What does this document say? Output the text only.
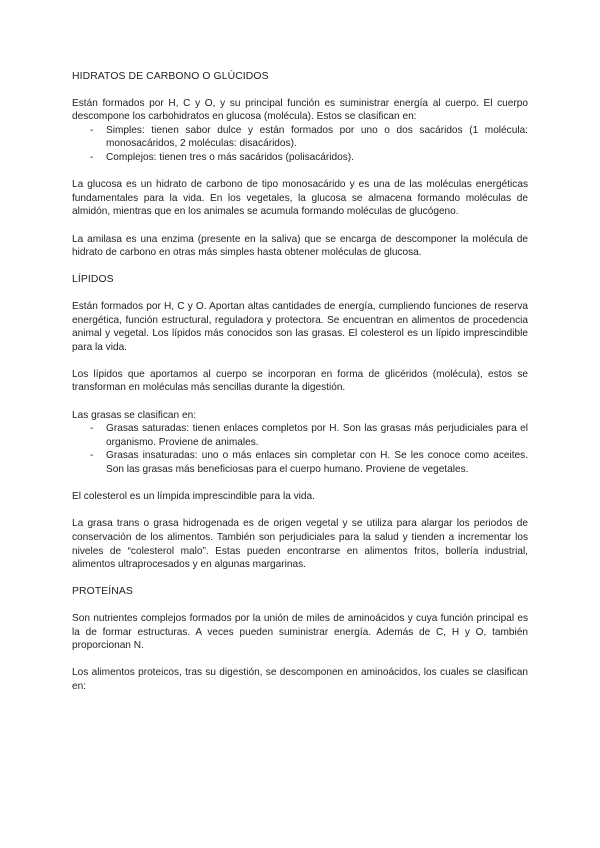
HIDRATOS DE CARBONO O GLÚCIDOS

Están formados por H, C y O, y su principal función es suministrar energía al cuerpo. El cuerpo descompone los carbohidratos en glucosa (molécula). Estos se clasifican en:

- Simples: tienen sabor dulce y están formados por uno o dos sacáridos (1 molécula: monosacáridos, 2 moléculas: disacáridos).
- Complejos: tienen tres o más sacáridos (polisacáridos).

La glucosa es un hidrato de carbono de tipo monosacárido y es una de las moléculas energéticas fundamentales para la vida. En los vegetales, la glucosa se almacena formando moléculas de almidón, mientras que en los animales se acumula formando moléculas de glucógeno.

La amilasa es una enzima (presente en la saliva) que se encarga de descomponer la molécula de hidrato de carbono en otras más simples hasta obtener moléculas de glucosa.

LÍPIDOS

Están formados por H, C y O. Aportan altas cantidades de energía, cumpliendo funciones de reserva energética, función estructural, reguladora y protectora. Se encuentran en alimentos de procedencia animal y vegetal. Los lípidos más conocidos son las grasas. El colesterol es un lípido imprescindible para la vida.

Los lípidos que aportamos al cuerpo se incorporan en forma de glicéridos (molécula), estos se transforman en moléculas más sencillas durante la digestión.

Las grasas se clasifican en:

- Grasas saturadas: tienen enlaces completos por H. Son las grasas más perjudiciales para el organismo. Proviene de animales.
- Grasas insaturadas: uno o más enlaces sin completar con H. Se les conoce como aceites. Son las grasas más beneficiosas para el cuerpo humano. Proviene de vegetales.

El colesterol es un límpida imprescindible para la vida.

La grasa trans o grasa hidrogenada es de origen vegetal y se utiliza para alargar los periodos de conservación de los alimentos. También son perjudiciales para la salud y tienden a incrementar los niveles de “colesterol malo”. Estas pueden encontrarse en alimentos fritos, bollería industrial, alimentos ultraprocesados y en algunas margarinas.

PROTEÍNAS

Son nutrientes complejos formados por la unión de miles de aminoácidos y cuya función principal es la de formar estructuras. A veces pueden suministrar energía. Además de C, H y O, también proporcionan N.

Los alimentos proteicos, tras su digestión, se descomponen en aminoácidos, los cuales se clasifican en:
